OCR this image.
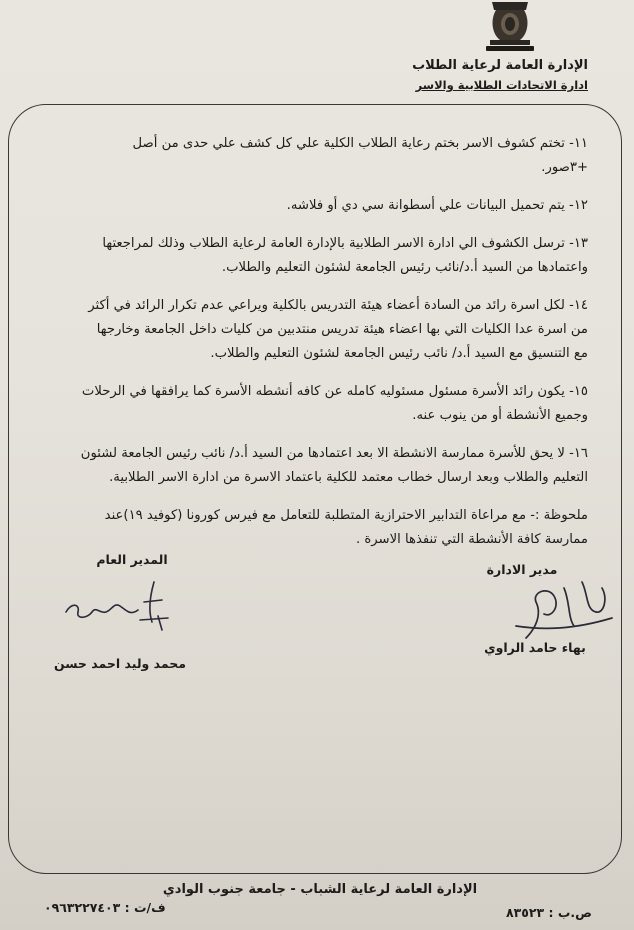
الإدارة العامة لرعاية الطلاب
ادارة الاتحادات الطلابية والاسر

١١- تختم كشوف الاسر بختم رعاية الطلاب الكلية علي كل كشف علي حدى من أصل

+٣صور.

١٢- يتم تحميل البيانات علي أسطوانة سي دي أو فلاشه.

١٣- ترسل الكشوف الي ادارة الاسر الطلابية بالإدارة العامة لرعاية الطلاب وذلك لمراجعتها

واعتمادها من السيد أ.د/نائب رئيس الجامعة لشئون التعليم والطلاب.

١٤- لكل اسرة رائد من السادة أعضاء هيئة التدريس بالكلية ويراعي عدم تكرار الرائد في أكثر

من اسرة عدا الكليات التي بها اعضاء هيئة تدريس منتدبين من كليات داخل الجامعة وخارجها

مع التنسيق مع السيد أ.د/ نائب رئيس الجامعة لشئون التعليم والطلاب.

١٥- يكون رائد الأسرة مسئول مسئوليه كامله عن كافه أنشطه الأسرة كما يرافقها في الرحلات

وجميع الأنشطة أو من ينوب عنه.

١٦- لا يحق للأسرة ممارسة الانشطة الا بعد اعتمادها من السيد أ.د/ نائب رئيس الجامعة لشئون

التعليم والطلاب وبعد ارسال خطاب معتمد للكلية باعتماد الاسرة من ادارة الاسر الطلابية.

ملحوظة :- مع مراعاة التدابير الاحترازية المتطلبة للتعامل مع فيرس كورونا (كوفيد ١٩)عند

ممارسة كافة الأنشطة التي تنفذها الاسرة .

المدير العام
محمد وليد احمد حسن
مدير الادارة
بهاء حامد الراوي
الإدارة العامة لرعاية الشباب - جامعة جنوب الوادي
ص.ب : ٨٣٥٢٣
ف/ت : ٠٩٦٣٢٢٧٤٠٣
